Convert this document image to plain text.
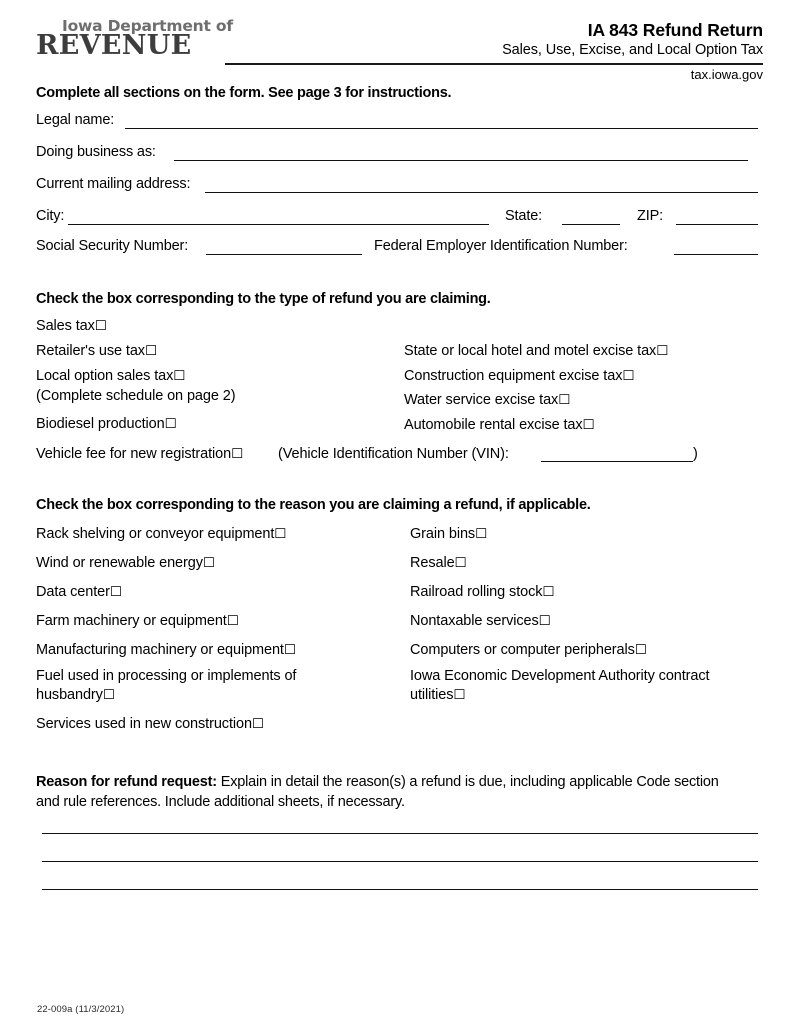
Iowa Department of
REVENUE	IA 843 Refund Return
Sales, Use, Excise, and Local Option Tax
tax.iowa.gov
Complete all sections on the form. See page 3 for instructions.
Legal name:
Doing business as:
Current mailing address:
City:	State:	ZIP:
Social Security Number:	Federal Employer Identification Number:
Check the box corresponding to the type of refund you are claiming.
Sales tax☐
Retailer's use tax☐
Local option sales tax☐
(Complete schedule on page 2)
Biodiesel production☐
State or local hotel and motel excise tax☐
Construction equipment excise tax☐
Water service excise tax☐
Automobile rental excise tax☐
Vehicle fee for new registration☐ (Vehicle Identification Number (VIN):	)
Check the box corresponding to the reason you are claiming a refund, if applicable.
Rack shelving or conveyor equipment☐
Wind or renewable energy☐
Data center☐
Farm machinery or equipment☐
Manufacturing machinery or equipment☐
Fuel used in processing or implements of
husbandry☐
Services used in new construction☐
Grain bins☐
Resale☐
Railroad rolling stock☐
Nontaxable services☐
Computers or computer peripherals☐
Iowa Economic Development Authority contract
utilities☐
Reason for refund request: Explain in detail the reason(s) a refund is due, including applicable Code section and rule references. Include additional sheets, if necessary.
22-009a (11/3/2021)
